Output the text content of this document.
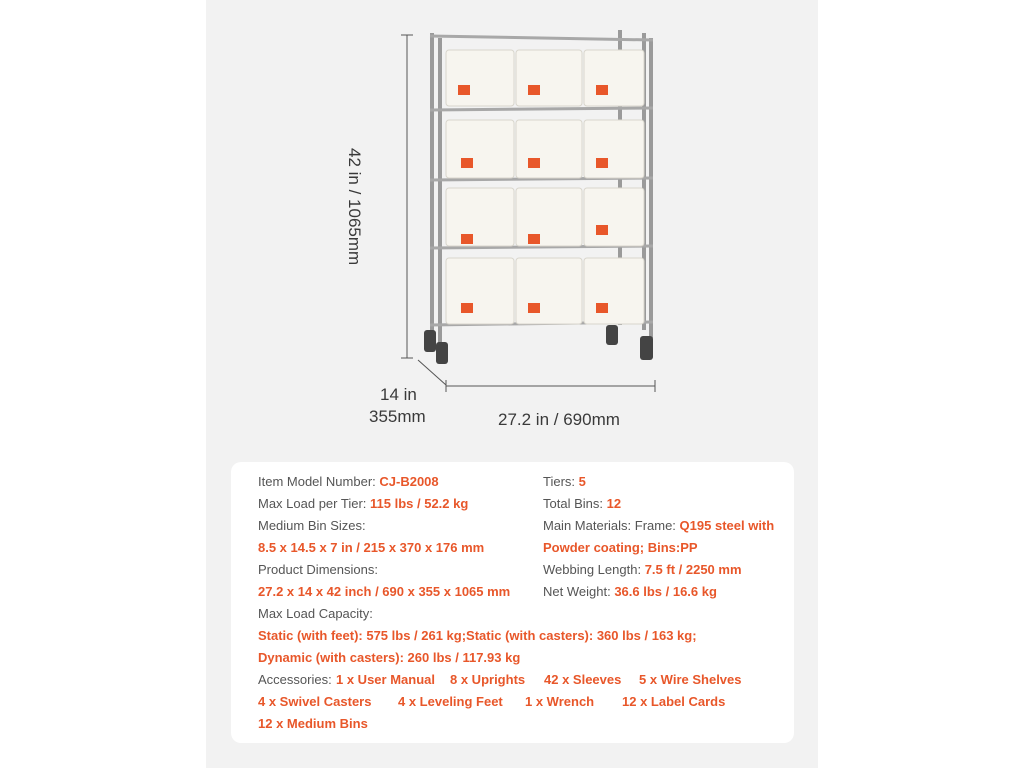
42 in / 1065mm
14 in
355mm	27.2 in / 690mm
Item Model Number: CJ-B2008	Tiers: 5
Max Load per Tier: 115 lbs / 52.2 kg	Total Bins: 12
Medium Bin Sizes:	Main Materials: Frame: Q195 steel with
8.5 x 14.5 x 7 in / 215 x 370 x 176 mm	Powder coating; Bins:PP
Product Dimensions:	Webbing Length: 7.5 ft / 2250 mm
27.2 x 14 x 42 inch / 690 x 355 x 1065 mm	Net Weight: 36.6 lbs / 16.6 kg
Max Load Capacity:
Static (with feet): 575 lbs / 261 kg;Static (with casters): 360 lbs / 163 kg;
Dynamic (with casters): 260 lbs / 117.93 kg
Accessories: 1 x User Manual 8 x Uprights 42 x Sleeves 5 x Wire Shelves
4 x Swivel Casters 4 x Leveling Feet 1 x Wrench 12 x Label Cards
12 x Medium Bins
